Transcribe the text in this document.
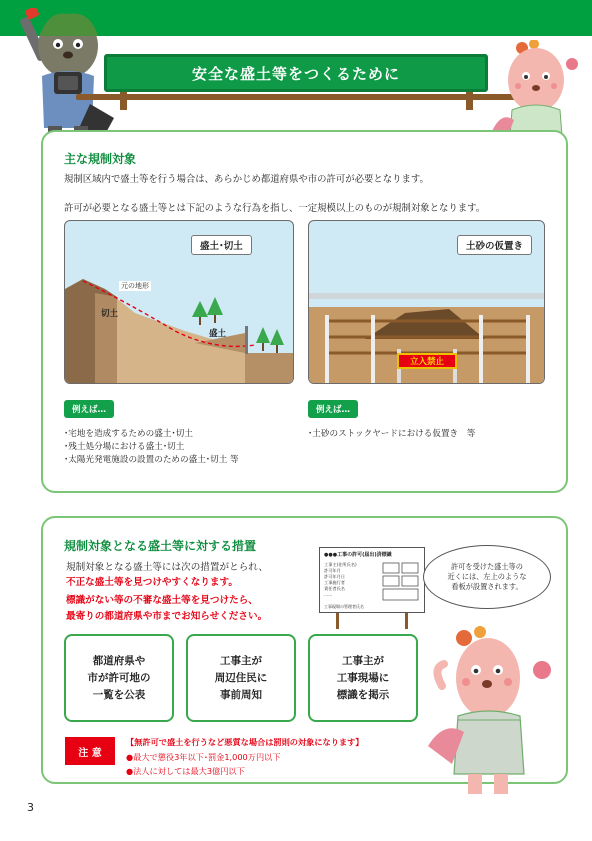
安全な盛土等をつくるために
主な規制対象
規制区域内で盛土等を行う場合は、あらかじめ都道府県や市の許可が必要となります。
許可が必要となる盛土等とは下記のような行為を指し、一定規模以上のものが規制対象となります。
盛土･切土
元の地形
切土
盛土
土砂の仮置き
立入禁止
例えば…	例えば…
･宅地を造成するための盛土･切土
･残土処分場における盛土･切土
･太陽光発電施設の設置のための盛土･切土 等
･土砂のストックヤードにおける仮置き　等
規制対象となる盛土等に対する措置
規制対象となる盛土等には次の措置がとられ、
不正な盛土等を見つけやすくなります。
標識がない等の不審な盛土等を見つけたら、
最寄りの都道府県や市までお知らせください。
●●●工事の許可(届出)済標識
工事主(住所氏名)
許可年月
許可年月日
工事施行者
責任者氏名
……
工事現場の管理者氏名
許可を受けた盛土等の
近くには、左上のような
看板が設置されます。
都道府県や
市が許可地の
一覧を公表
工事主が
周辺住民に
事前周知
工事主が
工事現場に
標識を掲示
注 意
【無許可で盛土を行うなど悪質な場合は罰則の対象になります】
●最大で懲役3年以下･罰金1,000万円以下
●法人に対しては最大3億円以下
3
